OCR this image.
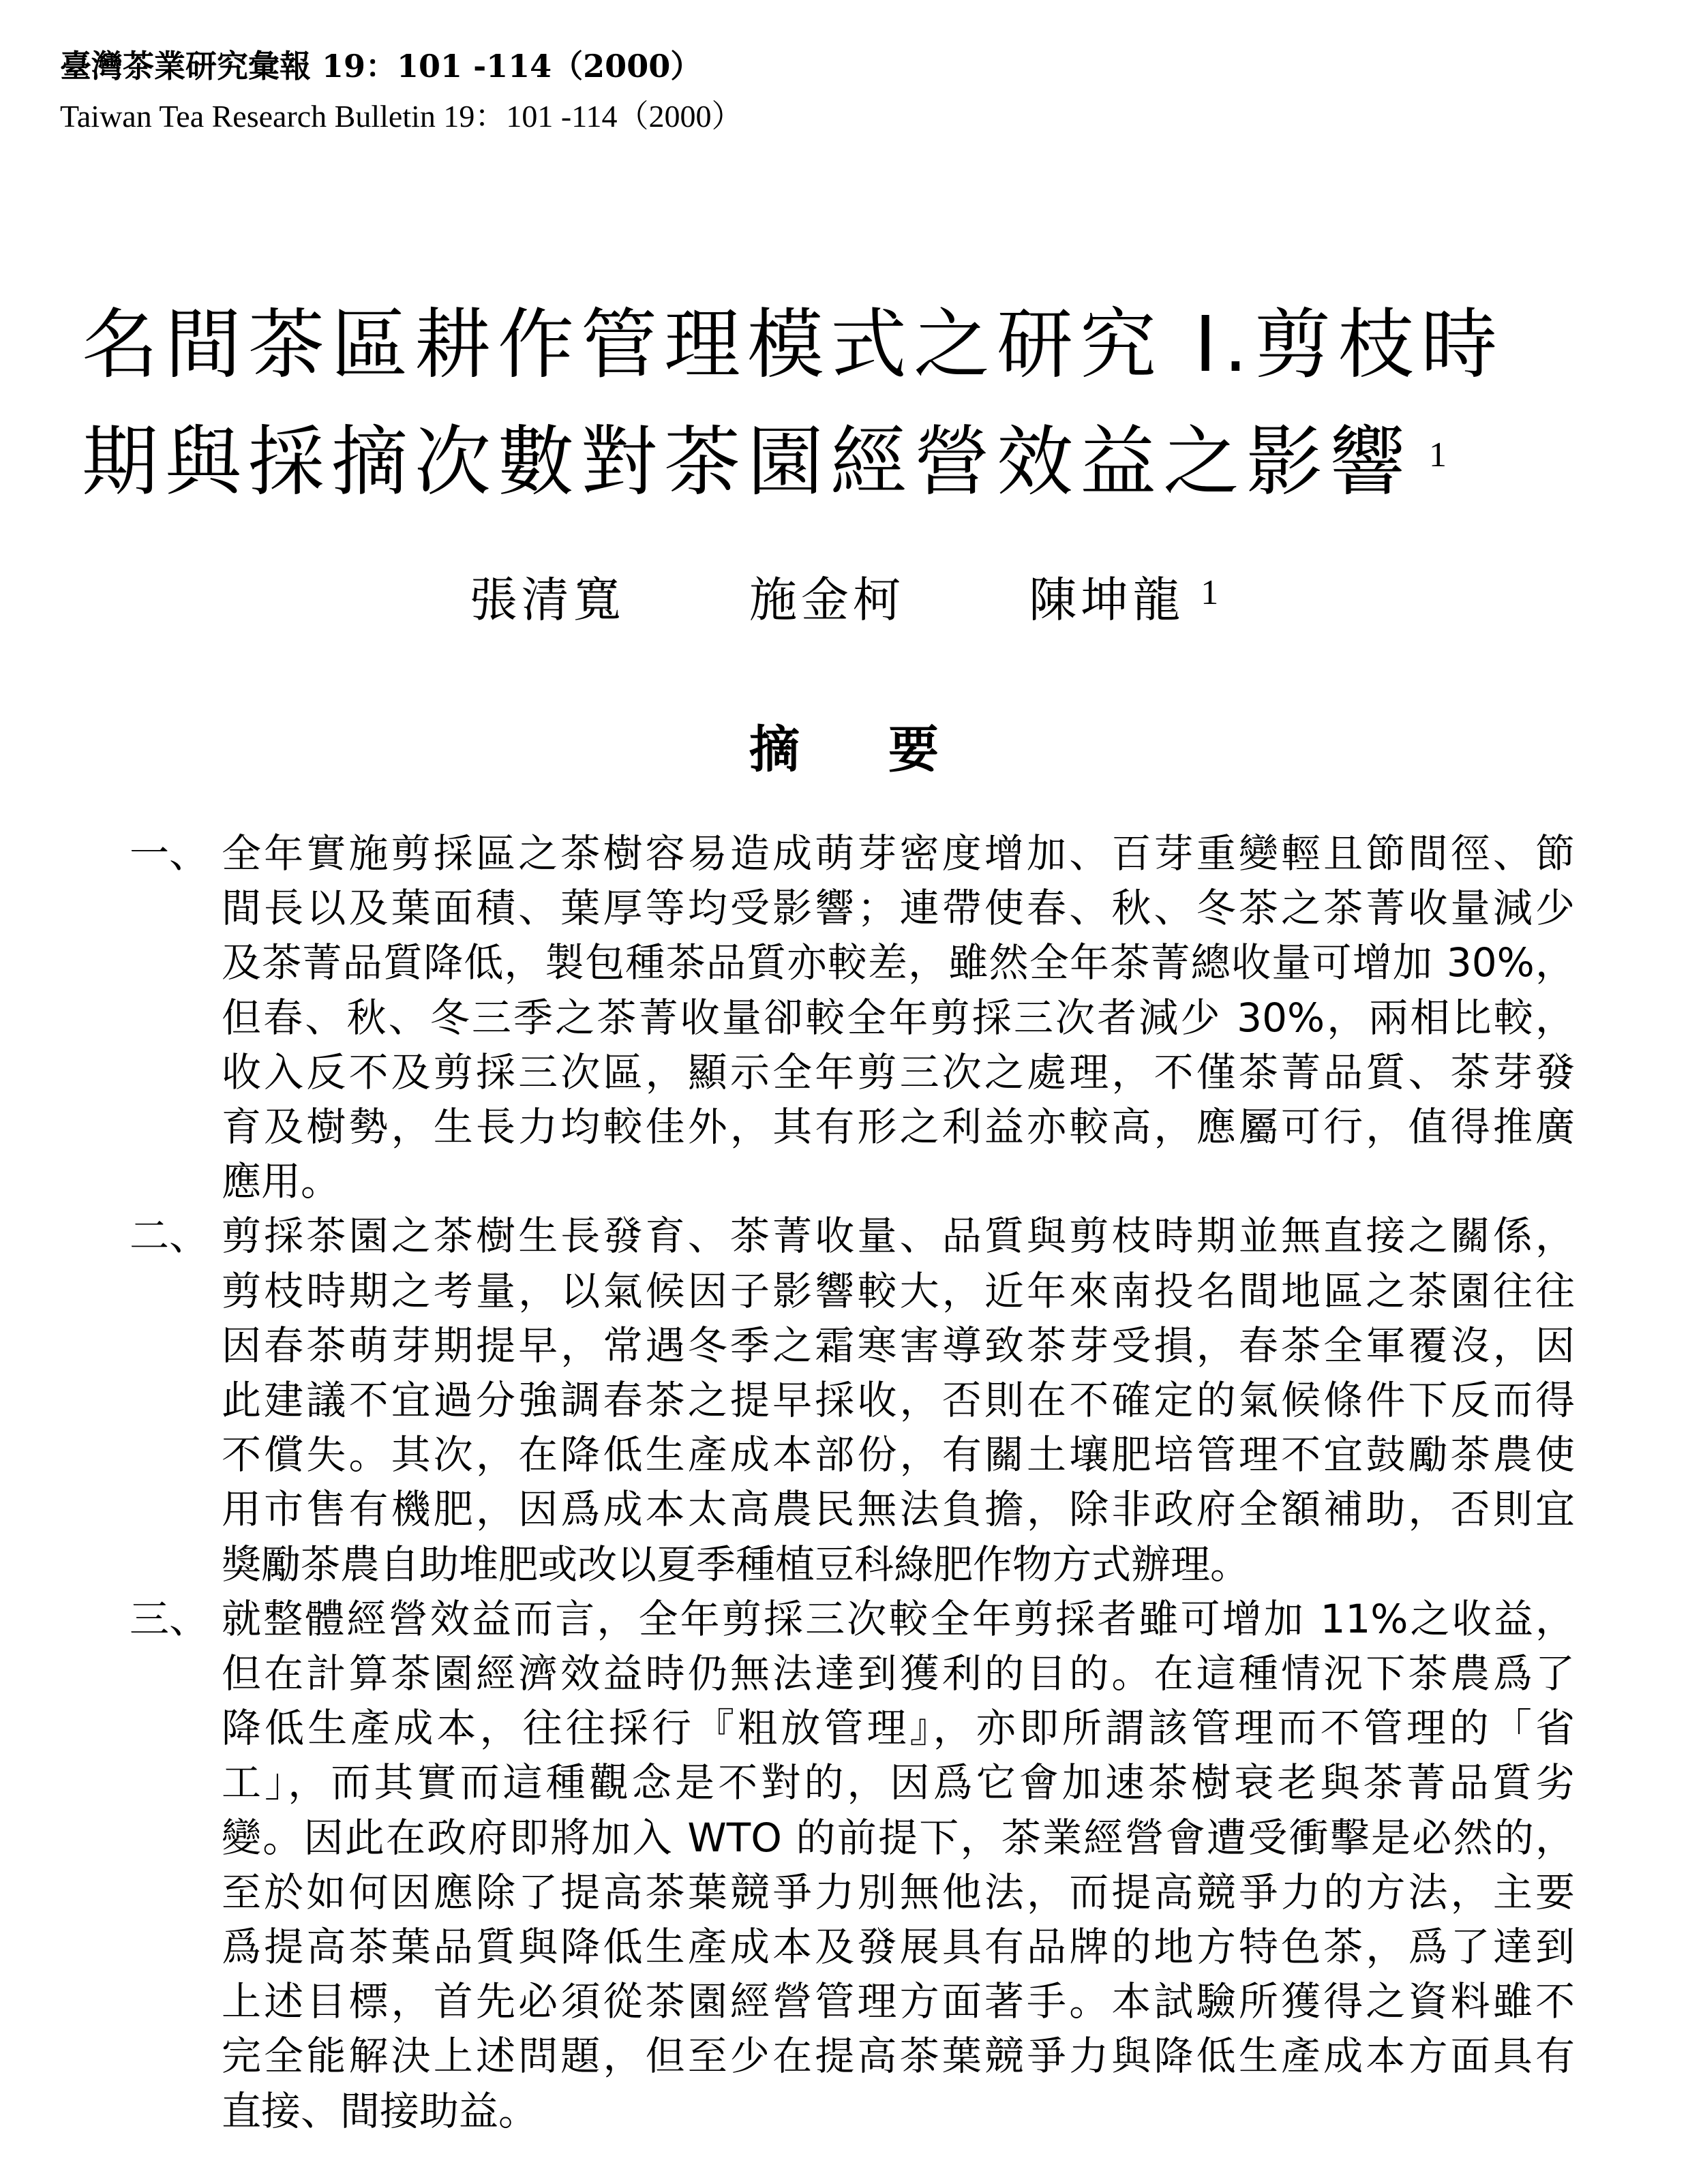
臺灣茶業研究彙報 19：101 -114（2000）
Taiwan Tea Research Bulletin 19：101 -114（2000）
名間茶區耕作管理模式之研究 I.剪枝時
期與採摘次數對茶園經營效益之影響 $^1$
張清寬	施金柯	陳坤龍 $^1$
摘 要
一、 全年實施剪採區之茶樹容易造成萌芽密度增加、百芽重變輕且節間徑、節
間長以及葉面積、葉厚等均受影響；連帶使春、秋、冬茶之茶菁收量減少
及茶菁品質降低，製包種茶品質亦較差，雖然全年茶菁總收量可增加 30%，
但春、秋、冬三季之茶菁收量卻較全年剪採三次者減少 30%，兩相比較，
收入反不及剪採三次區，顯示全年剪三次之處理，不僅茶菁品質、茶芽發
育及樹勢，生長力均較佳外，其有形之利益亦較高，應屬可行，值得推廣
應用。
二、 剪採茶園之茶樹生長發育、茶菁收量、品質與剪枝時期並無直接之關係，
剪枝時期之考量，以氣候因子影響較大，近年來南投名間地區之茶園往往
因春茶萌芽期提早，常遇冬季之霜寒害導致茶芽受損，春茶全軍覆沒，因
此建議不宜過分強調春茶之提早採收，否則在不確定的氣候條件下反而得
不償失。其次，在降低生產成本部份，有關土壤肥培管理不宜鼓勵茶農使
用市售有機肥，因爲成本太高農民無法負擔，除非政府全額補助，否則宜
獎勵茶農自助堆肥或改以夏季種植豆科綠肥作物方式辦理。
三、 就整體經營效益而言，全年剪採三次較全年剪採者雖可增加 11%之收益，
但在計算茶園經濟效益時仍無法達到獲利的目的。在這種情況下茶農爲了
降低生產成本，往往採行『粗放管理』，亦即所謂該管理而不管理的「省
工」，而其實而這種觀念是不對的，因爲它會加速茶樹衰老與茶菁品質劣
變。因此在政府即將加入 WTO 的前提下，茶業經營會遭受衝擊是必然的，
至於如何因應除了提高茶葉競爭力別無他法，而提高競爭力的方法，主要
爲提高茶葉品質與降低生產成本及發展具有品牌的地方特色茶，爲了達到
上述目標，首先必須從茶園經營管理方面著手。本試驗所獲得之資料雖不
完全能解決上述問題，但至少在提高茶葉競爭力與降低生產成本方面具有
直接、間接助益。
